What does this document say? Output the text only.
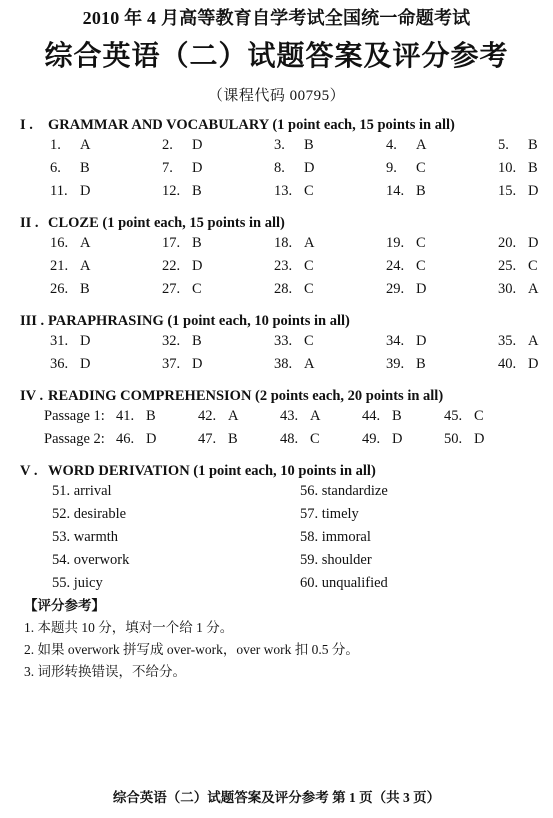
2010 年 4 月高等教育自学考试全国统一命题考试
综合英语（二）试题答案及评分参考
（课程代码 00795）
I . GRAMMAR AND VOCABULARY (1 point each, 15 points in all)
1. A	2. D	3. B	4. A	5. B
6. B	7. D	8. D	9. C	10. B
11. D	12. B	13. C	14. B	15. D
II . CLOZE (1 point each, 15 points in all)
16. A	17. B	18. A	19. C	20. D
21. A	22. D	23. C	24. C	25. C
26. B	27. C	28. C	29. D	30. A
III . PARAPHRASING (1 point each, 10 points in all)
31. D	32. B	33. C	34. D	35. A
36. D	37. D	38. A	39. B	40. D
IV . READING COMPREHENSION (2 points each, 20 points in all)
Passage 1: 41. B	42. A	43. A	44. B	45. C
Passage 2: 46. D	47. B	48. C	49. D	50. D
V . WORD DERIVATION (1 point each, 10 points in all)
51. arrival	56. standardize
52. desirable	57. timely
53. warmth	58. immoral
54. overwork	59. shoulder
55. juicy	60. unqualified
【评分参考】
1. 本题共 10 分，填对一个给 1 分。
2. 如果 overwork 拼写成 over-work，over work 扣 0.5 分。
3. 词形转换错误，不给分。
综合英语（二）试题答案及评分参考 第 1 页（共 3 页）
